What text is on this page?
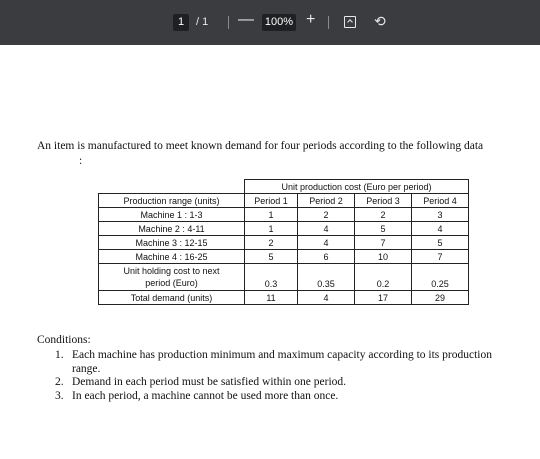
1	/ 1 — 100% +	⟲
An item is manufactured to meet known demand for four periods according to the following data
:
	Unit production cost (Euro per period)			
Production range (units)	Period 1	Period 2	Period 3	Period 4
Machine 1 : 1-3	1	2	2	3
Machine 2 : 4-11	1	4	5	4
Machine 3 : 12-15	2	4	7	5
Machine 4 : 16-25	5	6	10	7

Unit holding cost to next
period (Euro)	0.3	0.35	0.2	0.25
Total demand (units)	11	4	17	29
Conditions:
1. Each machine has production minimum and maximum capacity according to its production range.
2. Demand in each period must be satisfied within one period.
3. In each period, a machine cannot be used more than once.
